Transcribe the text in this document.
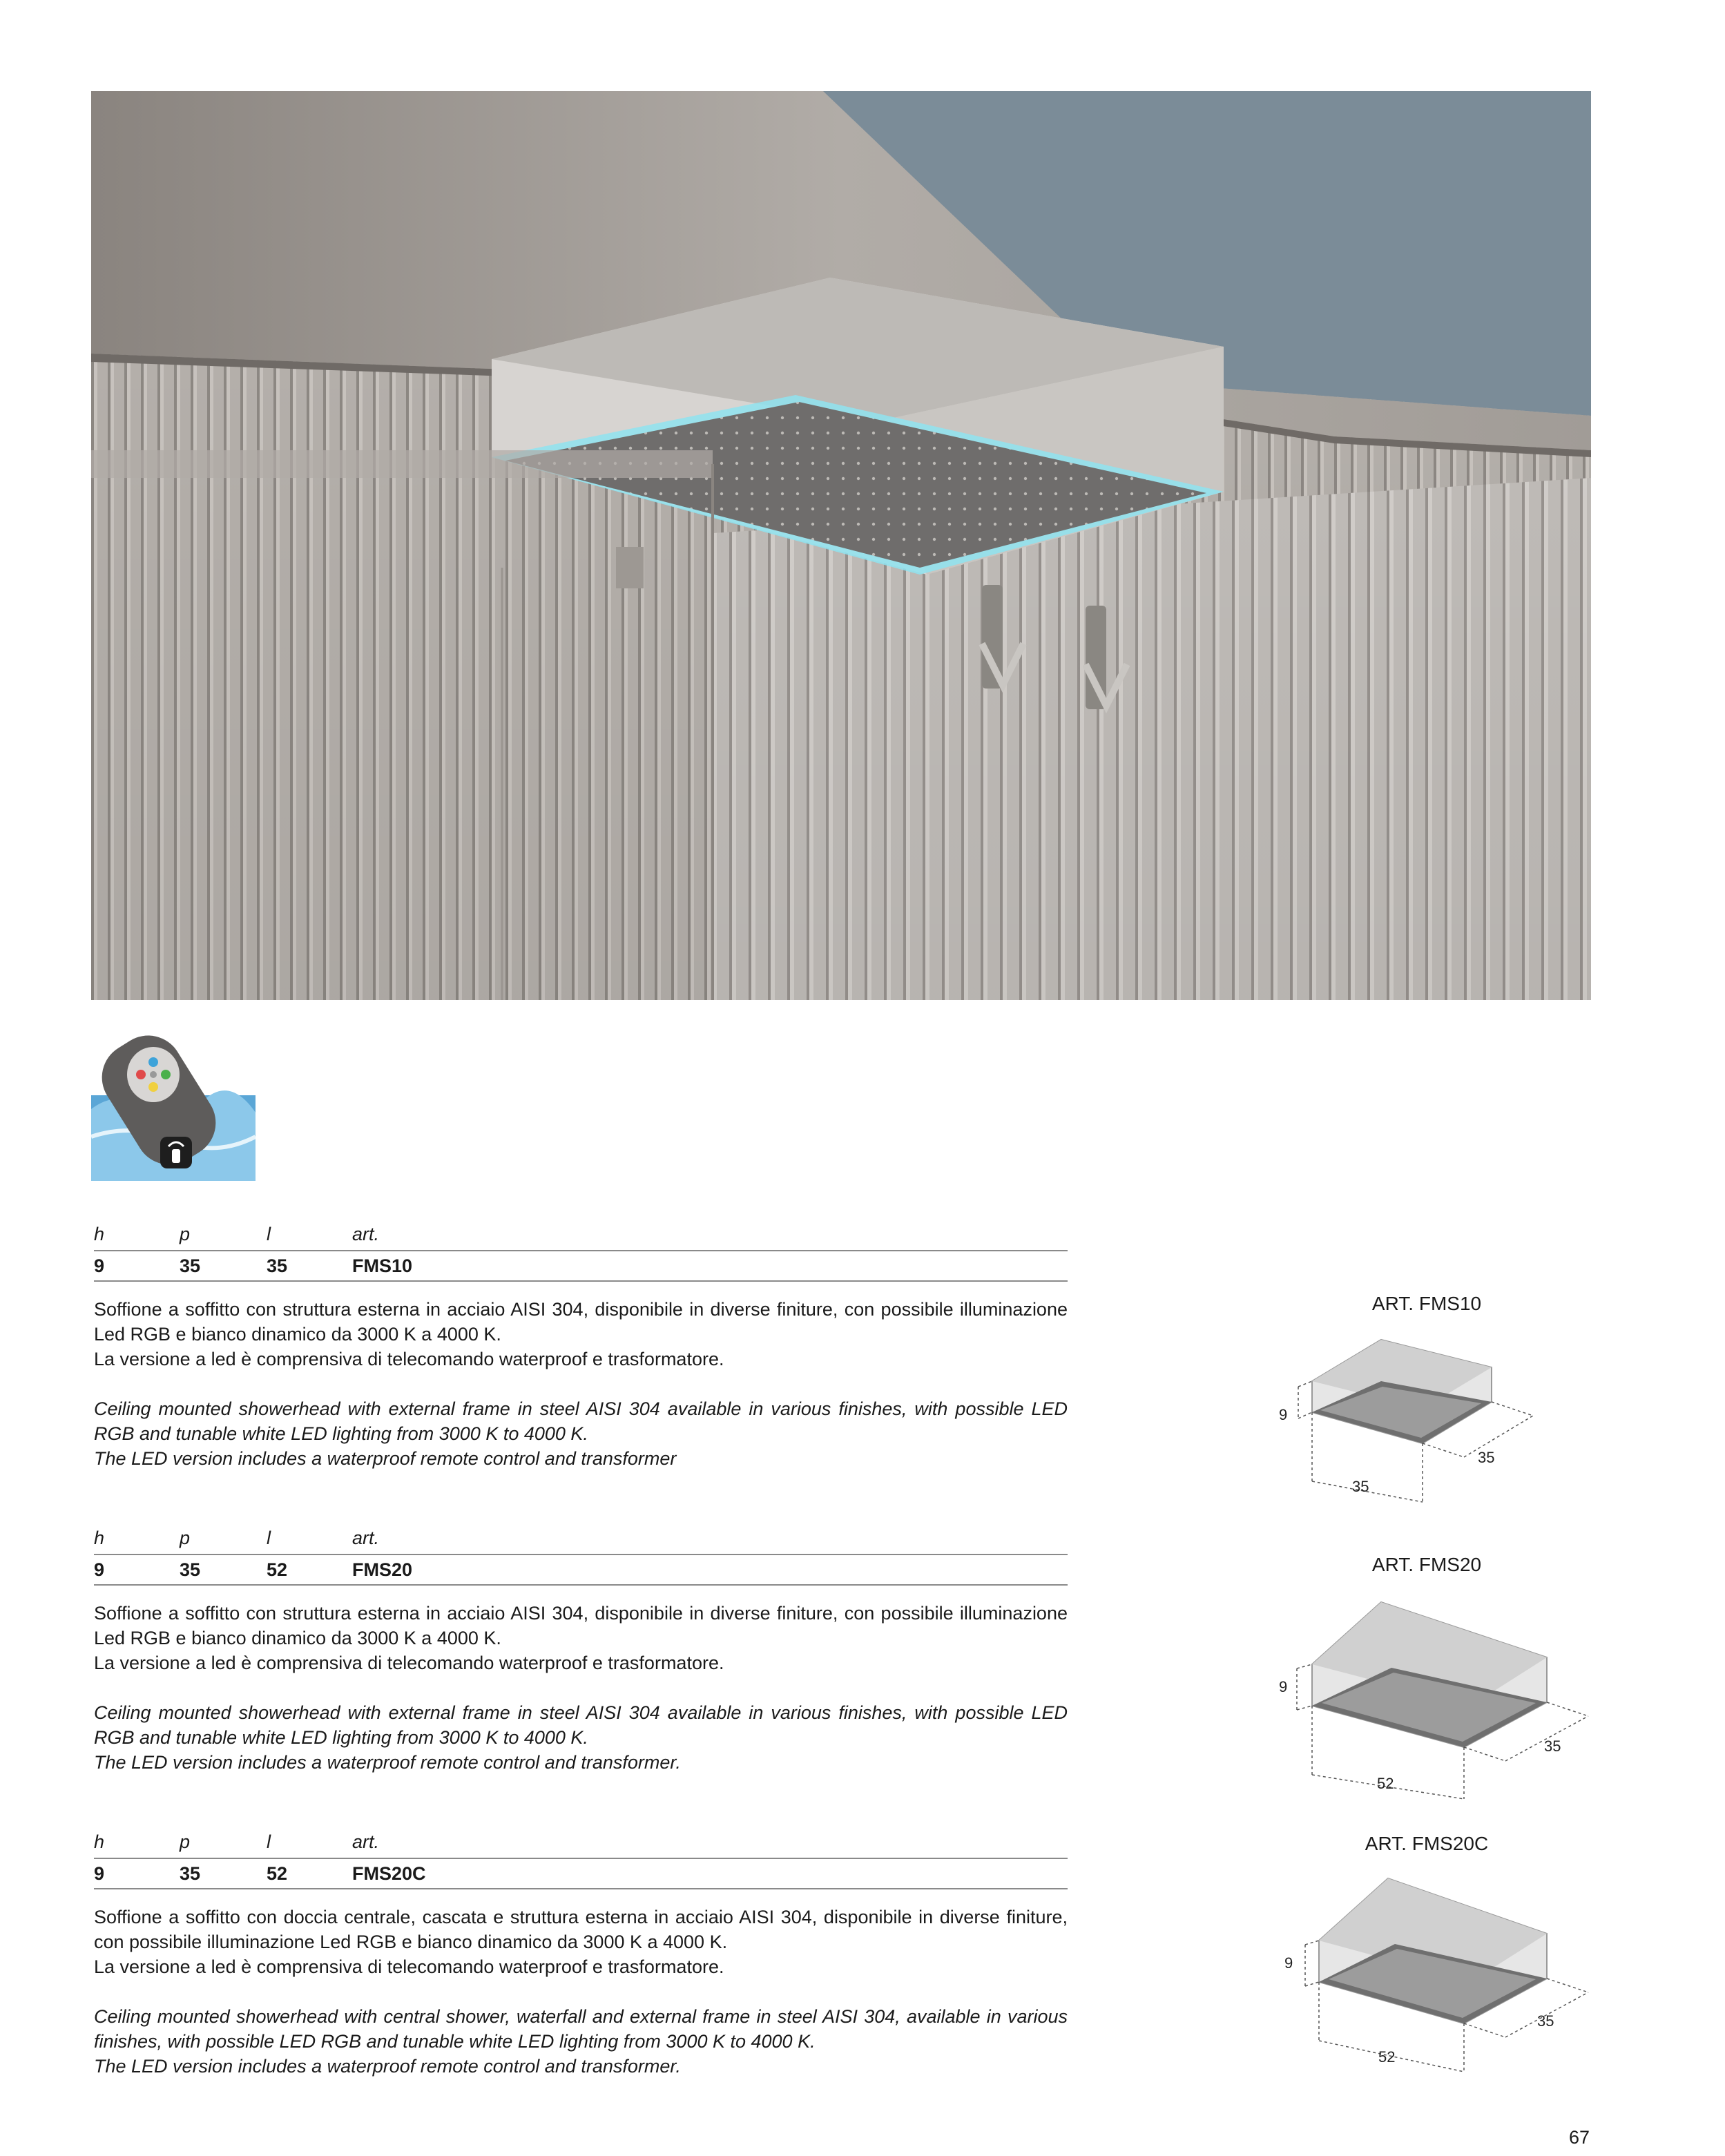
h	p	l	art.
9	35	35	FMS10

Soffione a soffitto con struttura esterna in acciaio AISI 304, disponibile in diverse finiture, con possibile illuminazione Led RGB e bianco dinamico da 3000 K a 4000 K.

La versione a led è comprensiva di telecomando waterproof e trasformatore.

Ceiling mounted showerhead with external frame in steel AISI 304 available in various finishes, with possible LED RGB and tunable white LED lighting from 3000 K to 4000 K.

The LED version includes a waterproof remote control and transformer

h	p	l	art.
9	35	52	FMS20

Soffione a soffitto con struttura esterna in acciaio AISI 304, disponibile in diverse finiture, con possibile illuminazione Led RGB e bianco dinamico da 3000 K a 4000 K.

La versione a led è comprensiva di telecomando waterproof e trasformatore.

Ceiling mounted showerhead with external frame in steel AISI 304 available in various finishes, with possible LED RGB and tunable white LED lighting from 3000 K to 4000 K.

The LED version includes a waterproof remote control and transformer.

h	p	l	art.
9	35	52	FMS20C

Soffione a soffitto con doccia centrale, cascata e struttura esterna in acciaio AISI 304, disponibile in diverse finiture, con possibile illuminazione Led RGB e bianco dinamico da 3000 K a 4000 K.

La versione a led è comprensiva di telecomando waterproof e trasformatore.

Ceiling mounted showerhead with central shower, waterfall and external frame in steel AISI 304, available in various finishes, with possible LED RGB and tunable white LED lighting from 3000 K to 4000 K.

The LED version includes a waterproof remote control and transformer.

ART. FMS10
9
35
35
ART. FMS20
9
35
52
ART. FMS20C
9
35
52
67
